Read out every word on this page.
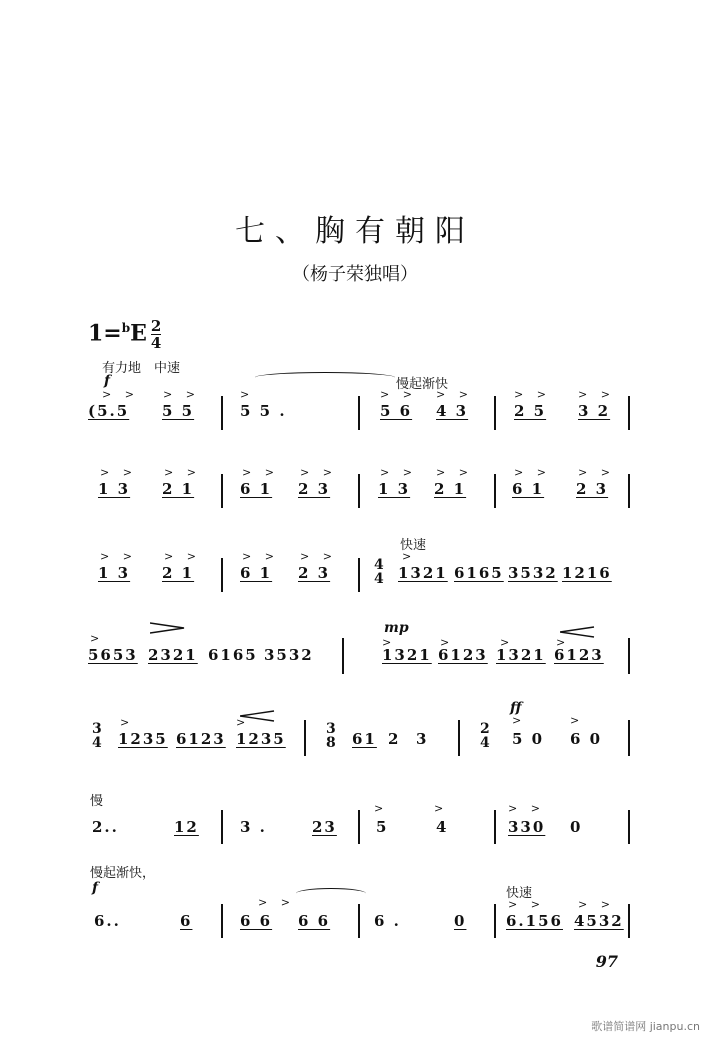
七、胸有朝阳
（杨子荣独唱）
$1=^bE \frac{2}{4}$
有力地　中速
f	慢起渐快
> > > >	>	> > > >	> > > >
(5.5 5 5	5 5 .	5 6 4 3	2 5 3 2
> > > >	> > > >	> > > >	> > > >
1 3 2 1	6 1 2 3	1 3 2 1	6 1 2 3
快速
> > > >	> > > >	>
1 3 2 1	6 1 2 3	4
4 1321 6165 3532 1216
mp
>	>	>	>	>
5653 2321 6165 3532	1321 6123 1321 6123
ff
>	>	>	>
3
4 1235 6123 1235
3
8 61 2 3
2
4 5 0 6 0
慢	>	>	> >
2..	12	3 .	23	5	4	330 0
慢起渐快，
f	快速
> >	> >	> >
6..	6	6 6 6 6	6 .	0	6.156 4532
97
歌谱简谱网 jianpu.cn
